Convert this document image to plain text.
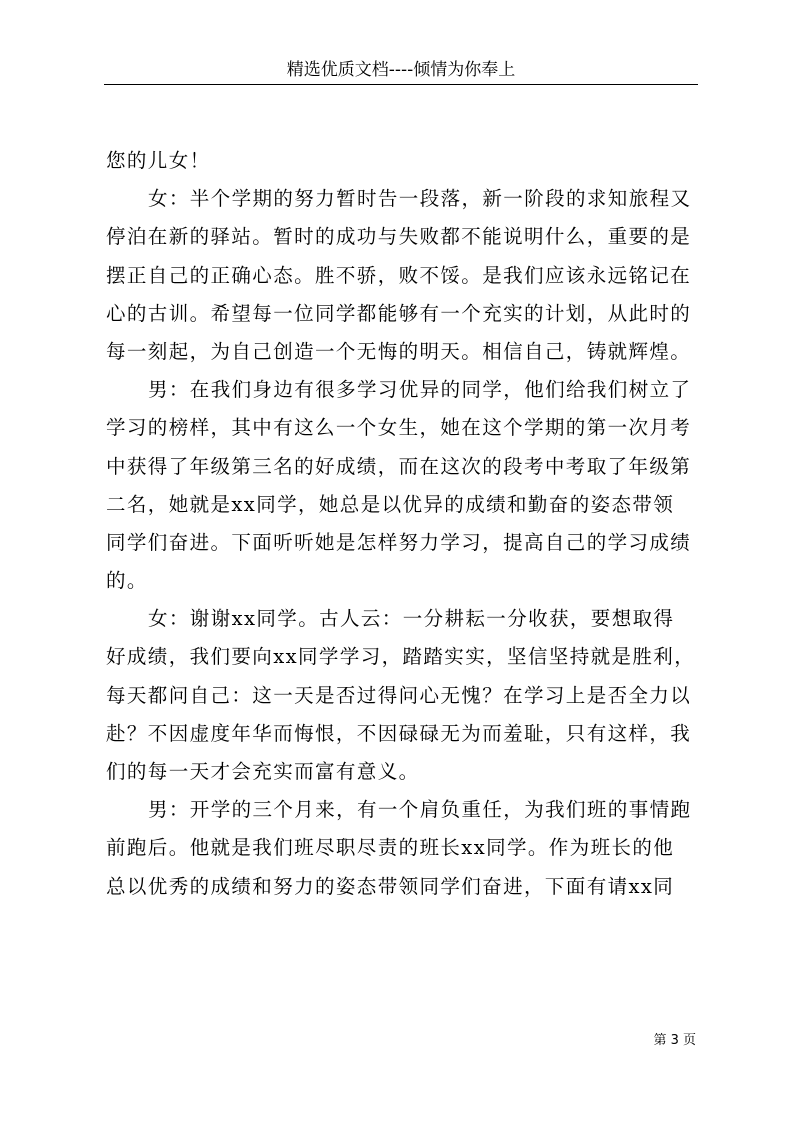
精选优质文档----倾情为你奉上
您的儿女！
女：半个学期的努力暂时告一段落，新一阶段的求知旅程又
停泊在新的驿站。暂时的成功与失败都不能说明什么，重要的是
摆正自己的正确心态。胜不骄，败不馁。是我们应该永远铭记在
心的古训。希望每一位同学都能够有一个充实的计划，从此时的
每一刻起，为自己创造一个无悔的明天。相信自己，铸就辉煌。
男：在我们身边有很多学习优异的同学，他们给我们树立了
学习的榜样，其中有这么一个女生，她在这个学期的第一次月考
中获得了年级第三名的好成绩，而在这次的段考中考取了年级第
二名，她就是xx同学，她总是以优异的成绩和勤奋的姿态带领
同学们奋进。下面听听她是怎样努力学习，提高自己的学习成绩
的。
女：谢谢xx同学。古人云：一分耕耘一分收获，要想取得
好成绩，我们要向xx同学学习，踏踏实实，坚信坚持就是胜利，
每天都问自己：这一天是否过得问心无愧？在学习上是否全力以
赴？不因虚度年华而悔恨，不因碌碌无为而羞耻，只有这样，我
们的每一天才会充实而富有意义。
男：开学的三个月来，有一个肩负重任，为我们班的事情跑
前跑后。他就是我们班尽职尽责的班长xx同学。作为班长的他
总以优秀的成绩和努力的姿态带领同学们奋进，下面有请xx同
第 3 页
